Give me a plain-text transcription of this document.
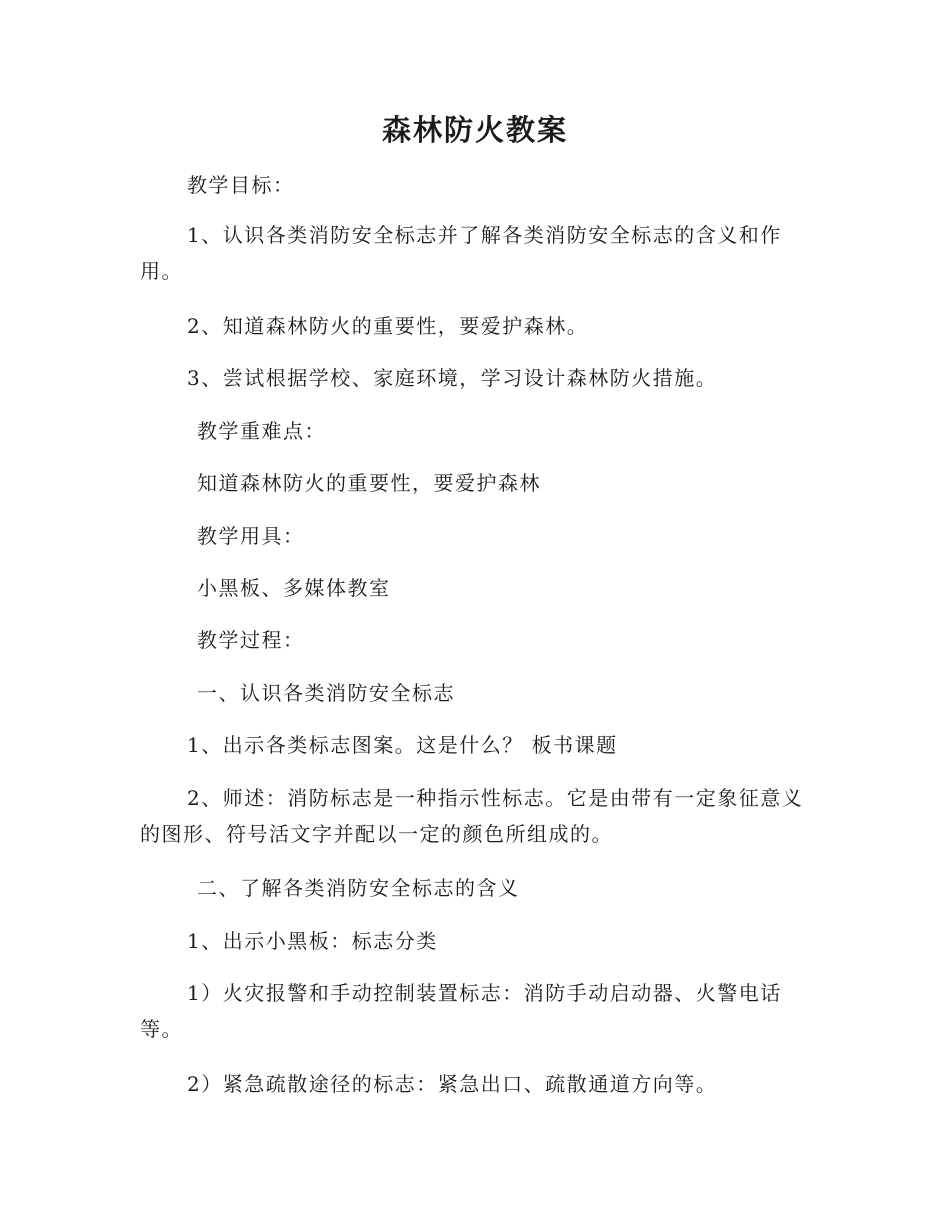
森林防火教案
教学目标：
1、认识各类消防安全标志并了解各类消防安全标志的含义和作用。
2、知道森林防火的重要性，要爱护森林。
3、尝试根据学校、家庭环境，学习设计森林防火措施。
教学重难点：
知道森林防火的重要性，要爱护森林
教学用具：
小黑板、多媒体教室
教学过程：
一、认识各类消防安全标志
1、出示各类标志图案。这是什么？ 板书课题
2、师述：消防标志是一种指示性标志。它是由带有一定象征意义的图形、符号活文字并配以一定的颜色所组成的。
二、了解各类消防安全标志的含义
1、出示小黑板：标志分类
1）火灾报警和手动控制装置标志：消防手动启动器、火警电话等。
2）紧急疏散途径的标志：紧急出口、疏散通道方向等。
